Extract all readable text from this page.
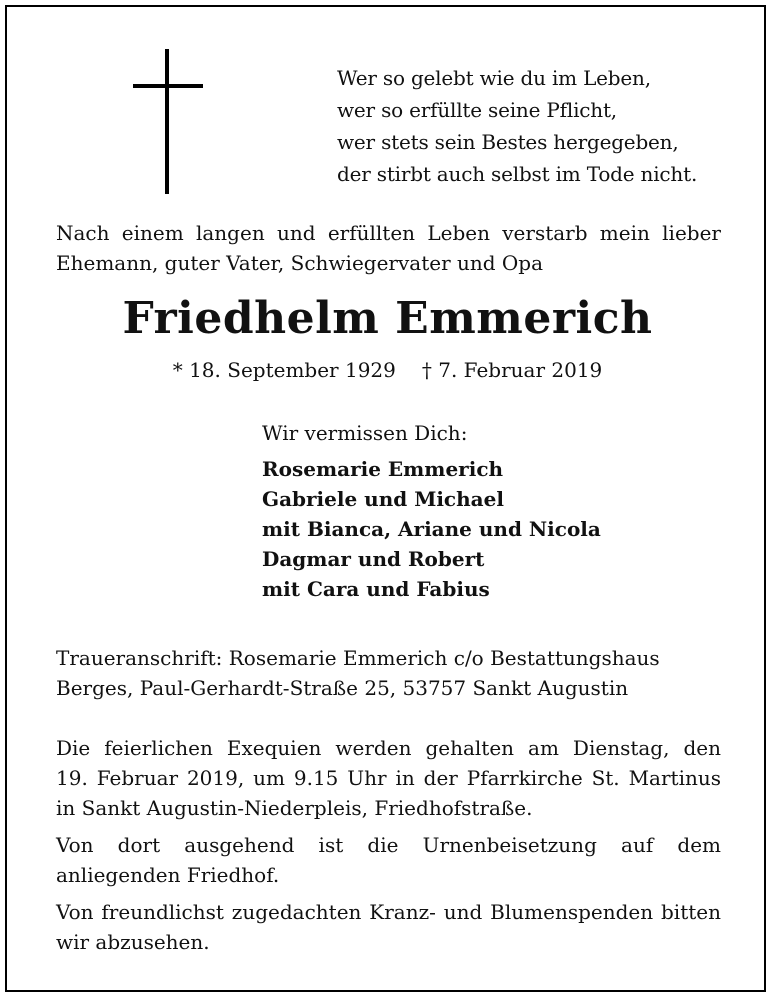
Wer so gelebt wie du im Leben,
wer so erfüllte seine Pflicht,
wer stets sein Bestes hergegeben,
der stirbt auch selbst im Tode nicht.
Nach einem langen und erfüllten Leben verstarb mein lieber
Ehemann, guter Vater, Schwiegervater und Opa
Friedhelm Emmerich
* 18. September 1929 † 7. Februar 2019
Wir vermissen Dich:
Rosemarie Emmerich
Gabriele und Michael
mit Bianca, Ariane und Nicola
Dagmar und Robert
mit Cara und Fabius
Traueranschrift: Rosemarie Emmerich c/o Bestattungshaus
Berges, Paul-Gerhardt-Straße 25, 53757 Sankt Augustin
Die feierlichen Exequien werden gehalten am Dienstag, den
19. Februar 2019, um 9.15 Uhr in der Pfarrkirche St. Martinus
in Sankt Augustin-Niederpleis, Friedhofstraße.
Von dort ausgehend ist die Urnenbeisetzung auf dem
anliegenden Friedhof.
Von freundlichst zugedachten Kranz- und Blumenspenden bitten
wir abzusehen.
